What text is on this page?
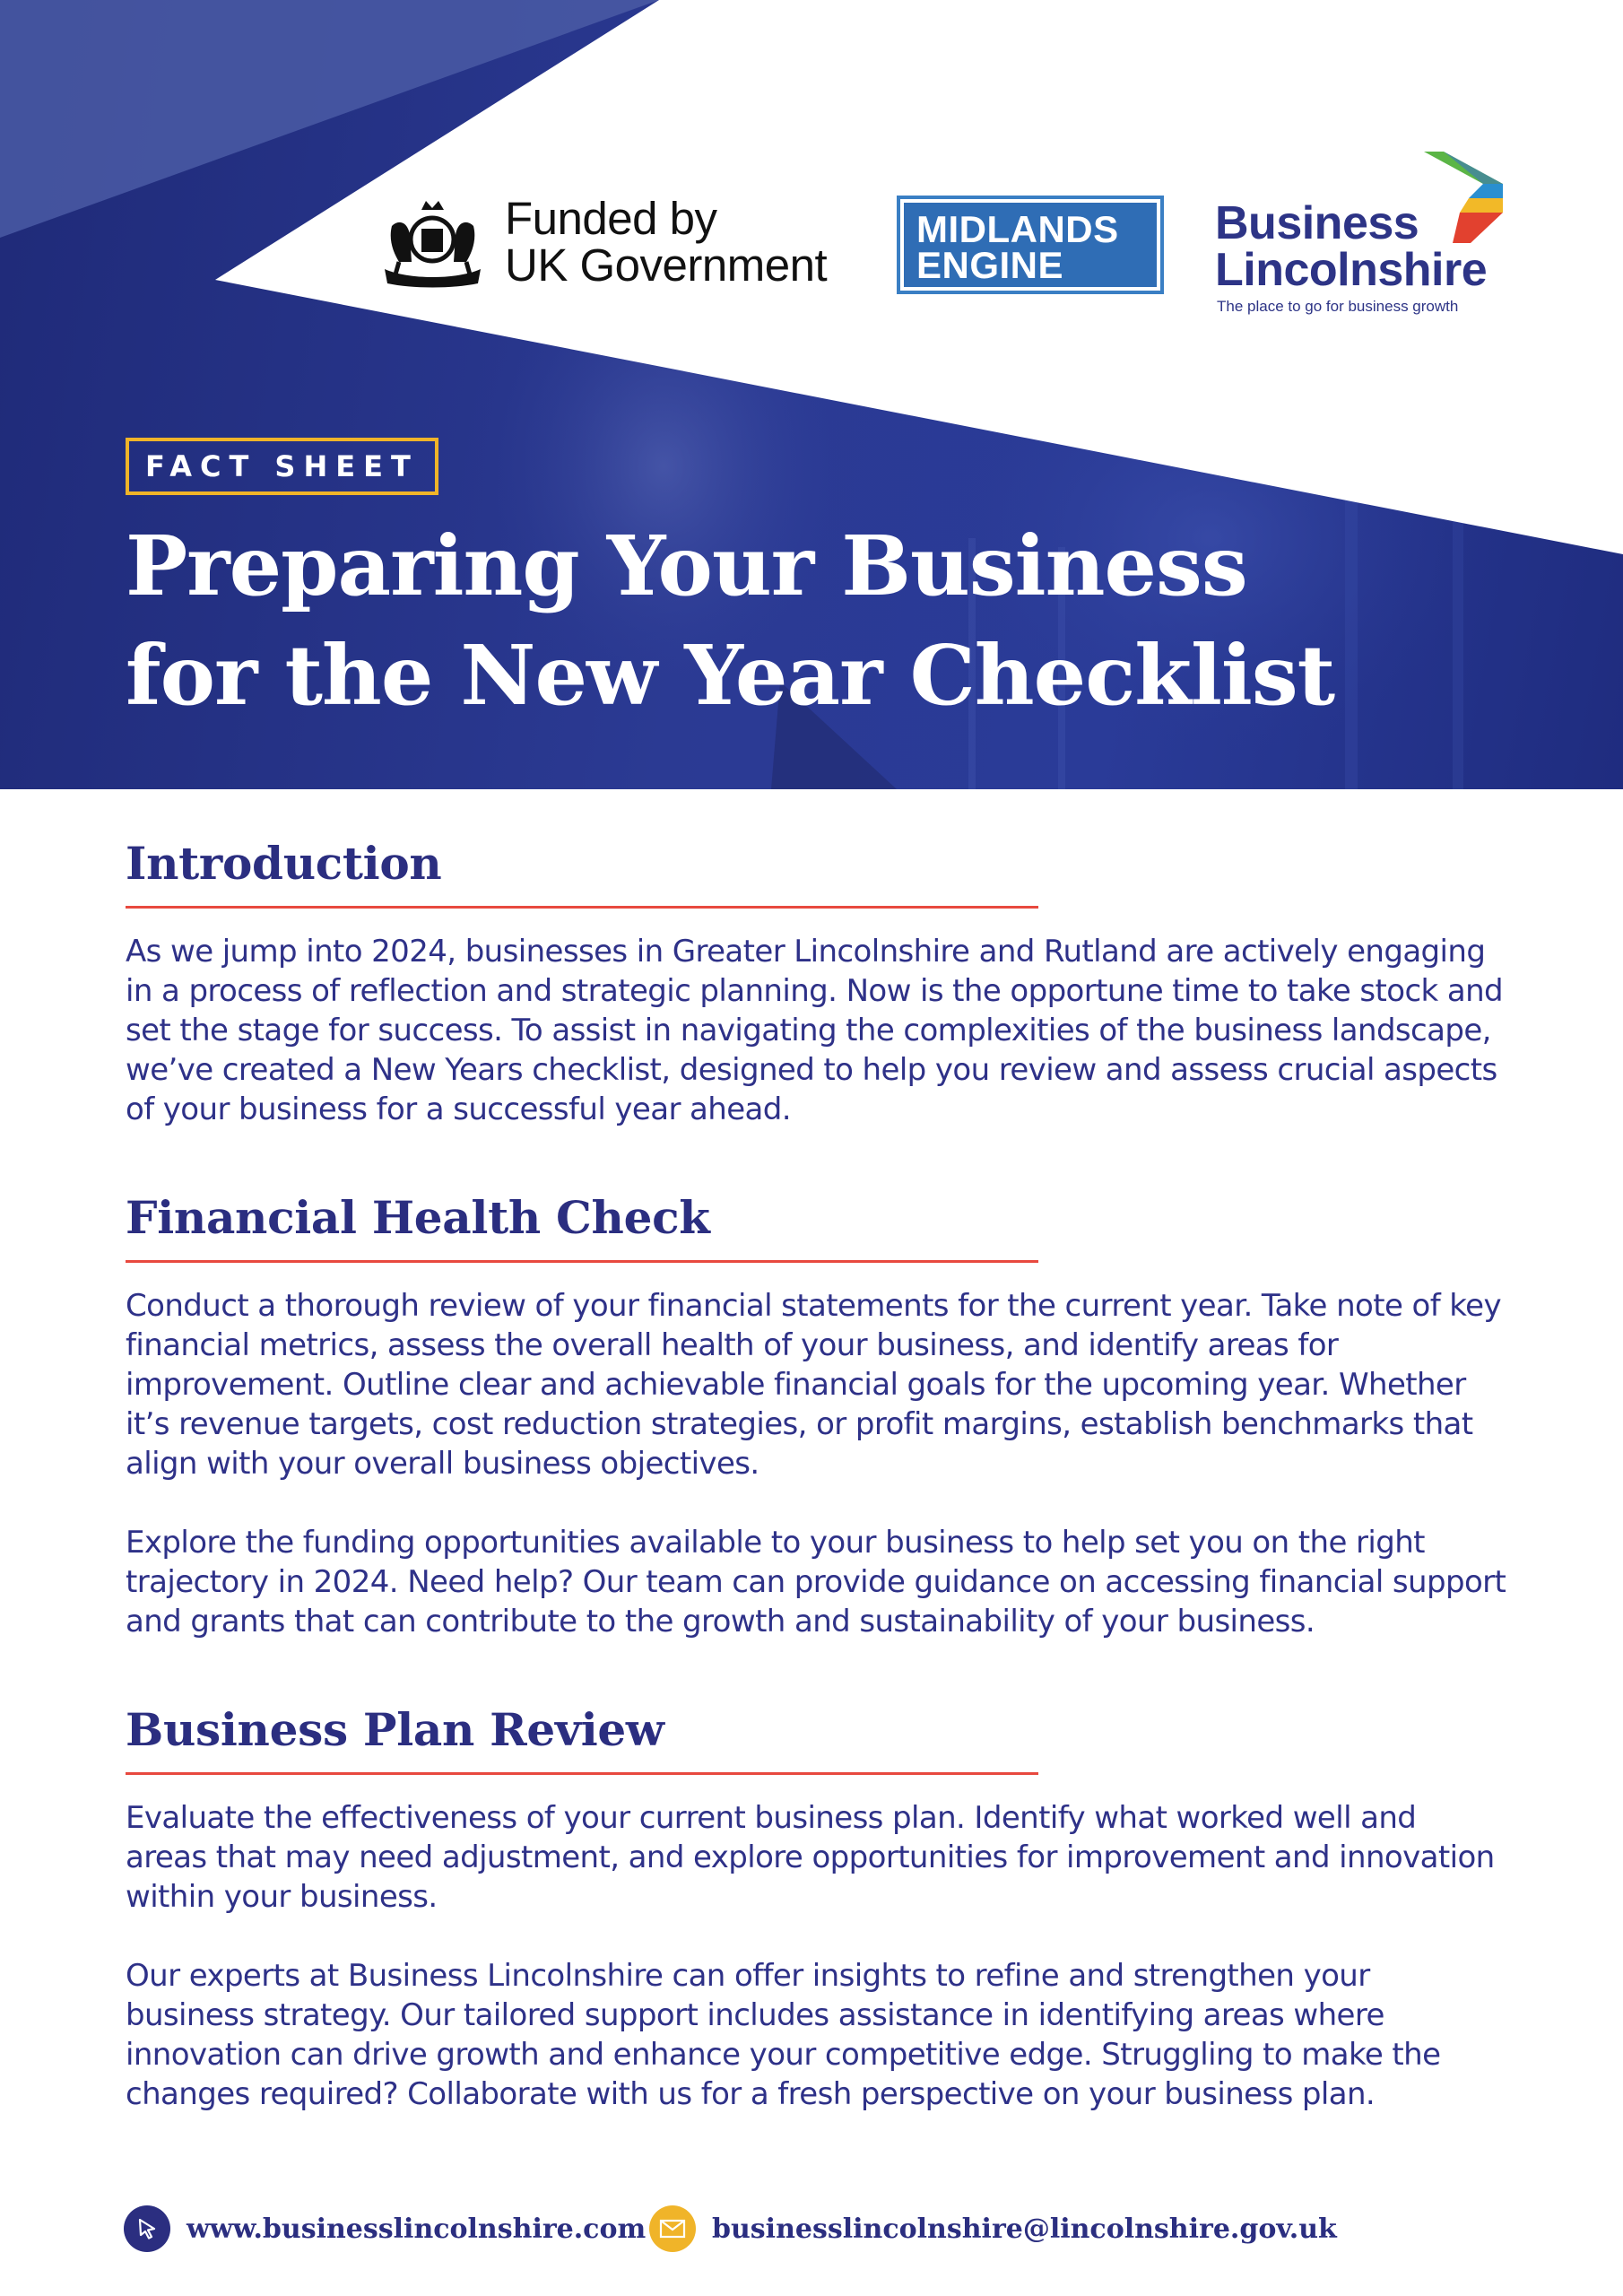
Funded by
UK Government
MIDLANDS
ENGINE
Business
Lincolnshire
The place to go for business growth
FACT SHEET
Preparing Your Business
for the New Year Checklist
Introduction

As we jump into 2024, businesses in Greater Lincolnshire and Rutland are actively engaging in a process of reflection and strategic planning. Now is the opportune time to take stock and set the stage for success. To assist in navigating the complexities of the business landscape, we’ve created a New Years checklist, designed to help you review and assess crucial aspects of your business for a successful year ahead.

Financial Health Check

Conduct a thorough review of your financial statements for the current year. Take note of key financial metrics, assess the overall health of your business, and identify areas for improvement. Outline clear and achievable financial goals for the upcoming year. Whether it’s revenue targets, cost reduction strategies, or profit margins, establish benchmarks that align with your overall business objectives.

Explore the funding opportunities available to your business to help set you on the right trajectory in 2024. Need help? Our team can provide guidance on accessing financial support and grants that can contribute to the growth and sustainability of your business.

Business Plan Review

Evaluate the effectiveness of your current business plan. Identify what worked well and areas that may need adjustment, and explore opportunities for improvement and innovation within your business.

Our experts at Business Lincolnshire can offer insights to refine and strengthen your business strategy. Our tailored support includes assistance in identifying areas where innovation can drive growth and enhance your competitive edge. Struggling to make the changes required? Collaborate with us for a fresh perspective on your business plan.

www.businesslincolnshire.com businesslincolnshire@lincolnshire.gov.uk
